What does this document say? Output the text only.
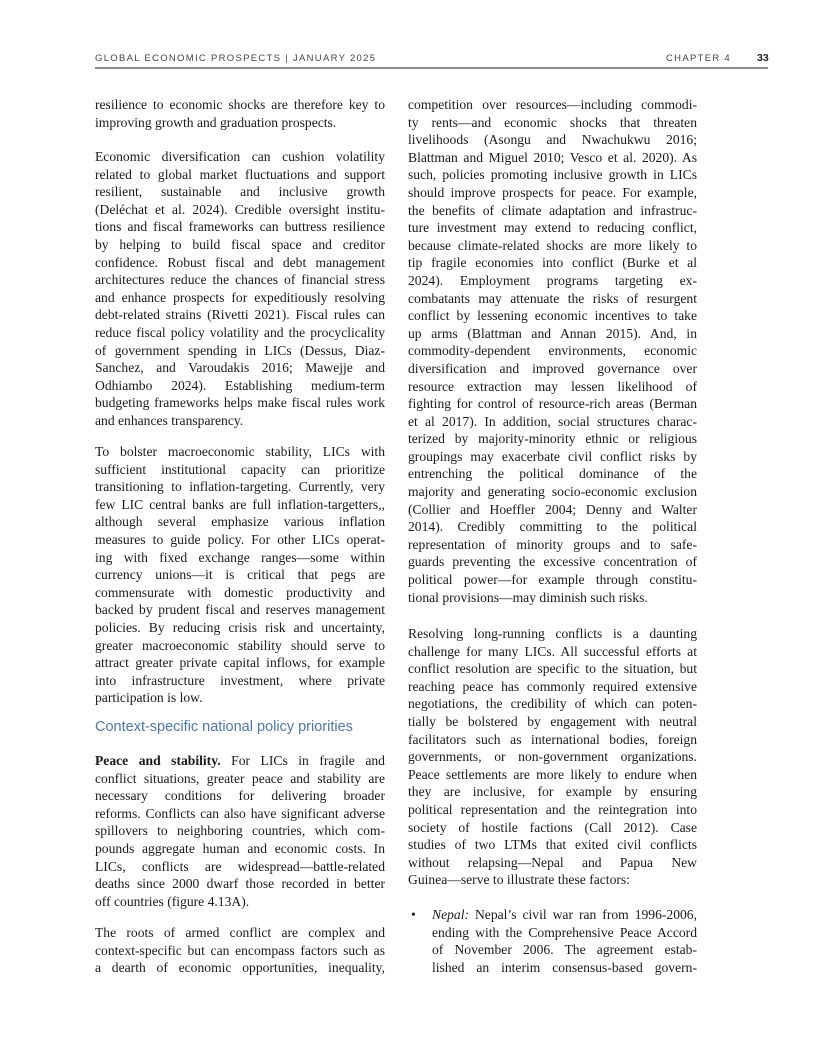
GLOBAL ECONOMIC PROSPECTS | JANUARY 2025	CHAPTER 4 33
resilience to economic shocks are therefore key to
improving growth and graduation prospects.
Economic diversification can cushion volatility
related to global market fluctuations and support
resilient, sustainable and inclusive growth
(Deléchat et al. 2024). Credible oversight institu-
tions and fiscal frameworks can buttress resilience
by helping to build fiscal space and creditor
confidence. Robust fiscal and debt management
architectures reduce the chances of financial stress
and enhance prospects for expeditiously resolving
debt-related strains (Rivetti 2021). Fiscal rules can
reduce fiscal policy volatility and the procyclicality
of government spending in LICs (Dessus, Diaz-
Sanchez, and Varoudakis 2016; Mawejje and
Odhiambo 2024). Establishing medium-term
budgeting frameworks helps make fiscal rules work
and enhances transparency.
To bolster macroeconomic stability, LICs with
sufficient institutional capacity can prioritize
transitioning to inflation-targeting. Currently, very
few LIC central banks are full inflation-targetters,,
although several emphasize various inflation
measures to guide policy. For other LICs operat-
ing with fixed exchange ranges—some within
currency unions—it is critical that pegs are
commensurate with domestic productivity and
backed by prudent fiscal and reserves management
policies. By reducing crisis risk and uncertainty,
greater macroeconomic stability should serve to
attract greater private capital inflows, for example
into infrastructure investment, where private
participation is low.
Context-specific national policy priorities
Peace and stability. For LICs in fragile and
conflict situations, greater peace and stability are
necessary conditions for delivering broader
reforms. Conflicts can also have significant adverse
spillovers to neighboring countries, which com-
pounds aggregate human and economic costs. In
LICs, conflicts are widespread—battle-related
deaths since 2000 dwarf those recorded in better
off countries (figure 4.13A).
The roots of armed conflict are complex and
context-specific but can encompass factors such as
a dearth of economic opportunities, inequality,
competition over resources—including commodi-
ty rents—and economic shocks that threaten
livelihoods (Asongu and Nwachukwu 2016;
Blattman and Miguel 2010; Vesco et al. 2020). As
such, policies promoting inclusive growth in LICs
should improve prospects for peace. For example,
the benefits of climate adaptation and infrastruc-
ture investment may extend to reducing conflict,
because climate-related shocks are more likely to
tip fragile economies into conflict (Burke et al
2024). Employment programs targeting ex-
combatants may attenuate the risks of resurgent
conflict by lessening economic incentives to take
up arms (Blattman and Annan 2015). And, in
commodity-dependent environments, economic
diversification and improved governance over
resource extraction may lessen likelihood of
fighting for control of resource-rich areas (Berman
et al 2017). In addition, social structures charac-
terized by majority-minority ethnic or religious
groupings may exacerbate civil conflict risks by
entrenching the political dominance of the
majority and generating socio-economic exclusion
(Collier and Hoeffler 2004; Denny and Walter
2014). Credibly committing to the political
representation of minority groups and to safe-
guards preventing the excessive concentration of
political power—for example through constitu-
tional provisions—may diminish such risks.
Resolving long-running conflicts is a daunting
challenge for many LICs. All successful efforts at
conflict resolution are specific to the situation, but
reaching peace has commonly required extensive
negotiations, the credibility of which can poten-
tially be bolstered by engagement with neutral
facilitators such as international bodies, foreign
governments, or non-government organizations.
Peace settlements are more likely to endure when
they are inclusive, for example by ensuring
political representation and the reintegration into
society of hostile factions (Call 2012). Case
studies of two LTMs that exited civil conflicts
without relapsing—Nepal and Papua New
Guinea—serve to illustrate these factors:
• Nepal: Nepal’s civil war ran from 1996-2006,
ending with the Comprehensive Peace Accord
of November 2006. The agreement estab-
lished an interim consensus-based govern-
